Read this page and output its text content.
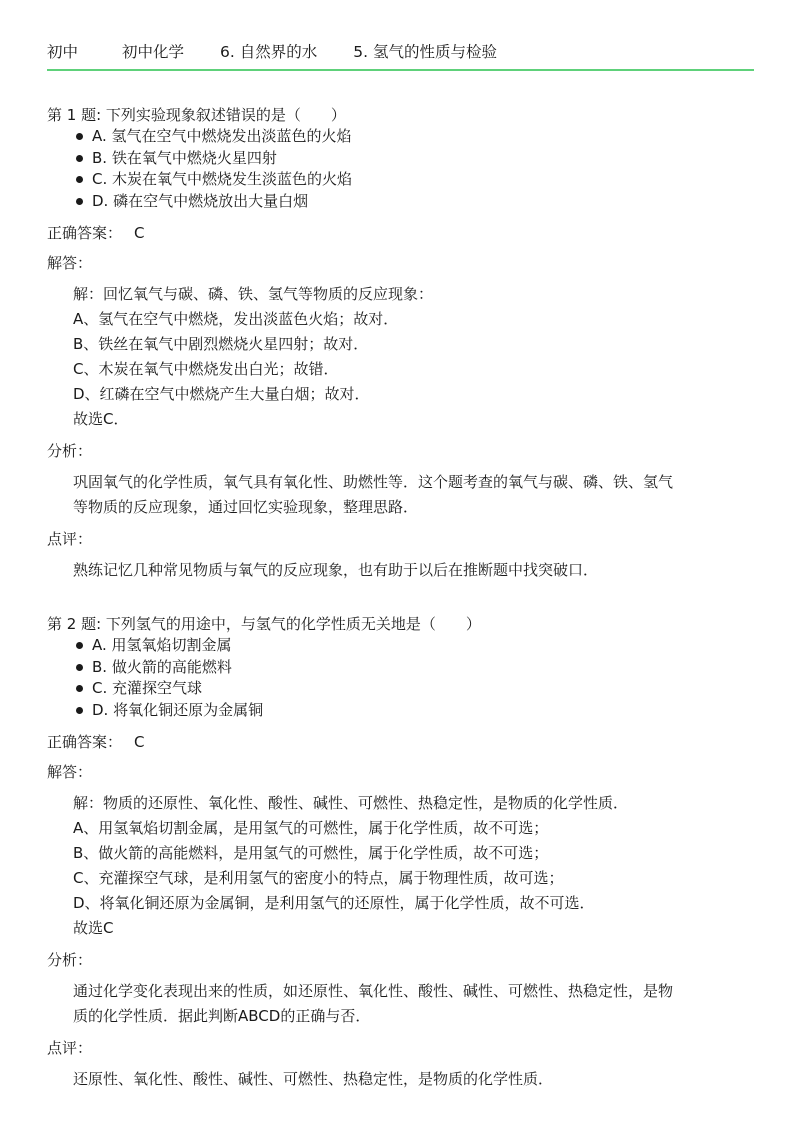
初中	初中化学 6. 自然界的水 5. 氢气的性质与检验
第 1 题: 下列实验现象叙述错误的是（　　）
A. 氢气在空气中燃烧发出淡蓝色的火焰
B. 铁在氧气中燃烧火星四射
C. 木炭在氧气中燃烧发生淡蓝色的火焰
D. 磷在空气中燃烧放出大量白烟
正确答案： C
解答：
解：回忆氧气与碳、磷、铁、氢气等物质的反应现象：
A、氢气在空气中燃烧，发出淡蓝色火焰；故对．
B、铁丝在氧气中剧烈燃烧火星四射；故对．
C、木炭在氧气中燃烧发出白光；故错．
D、红磷在空气中燃烧产生大量白烟；故对．
故选C．
分析：
巩固氧气的化学性质，氧气具有氧化性、助燃性等．这个题考查的氧气与碳、磷、铁、氢气
等物质的反应现象，通过回忆实验现象，整理思路．
点评：
熟练记忆几种常见物质与氧气的反应现象，也有助于以后在推断题中找突破口．
第 2 题: 下列氢气的用途中，与氢气的化学性质无关地是（　　）
A. 用氢氧焰切割金属
B. 做火箭的高能燃料
C. 充灌探空气球
D. 将氧化铜还原为金属铜
正确答案： C
解答：
解：物质的还原性、氧化性、酸性、碱性、可燃性、热稳定性，是物质的化学性质．
A、用氢氧焰切割金属，是用氢气的可燃性，属于化学性质，故不可选；
B、做火箭的高能燃料，是用氢气的可燃性，属于化学性质，故不可选；
C、充灌探空气球，是利用氢气的密度小的特点，属于物理性质，故可选；
D、将氧化铜还原为金属铜，是利用氢气的还原性，属于化学性质，故不可选．
故选C
分析：
通过化学变化表现出来的性质，如还原性、氧化性、酸性、碱性、可燃性、热稳定性，是物
质的化学性质．据此判断ABCD的正确与否．
点评：
还原性、氧化性、酸性、碱性、可燃性、热稳定性，是物质的化学性质．
